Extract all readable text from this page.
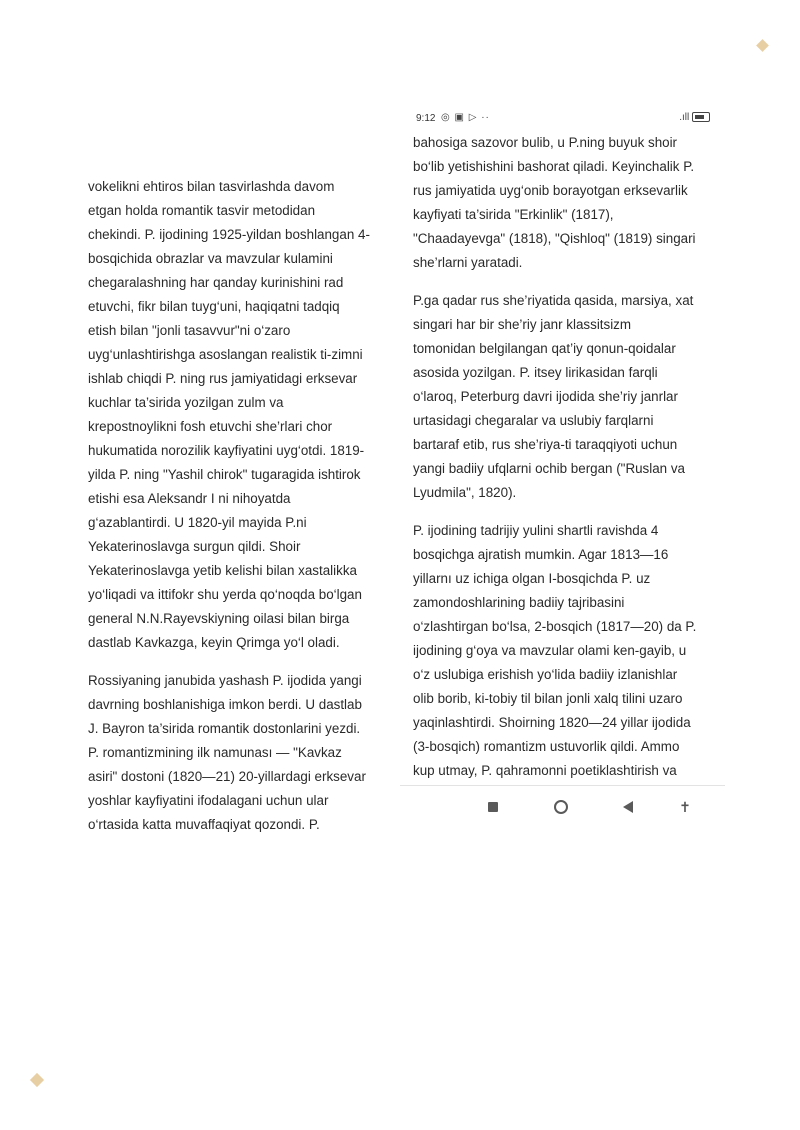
vokelikni ehtiros bilan tasvirlashda davom
etgan holda romantik tasvir metodidan
chekindi. P. ijodining 1925-yildan boshlangan 4-
bosqichida obrazlar va mavzular kulamini
chegaralashning har qanday kurinishini rad
etuvchi, fikr bilan tuyg‘uni, haqiqatni tadqiq
etish bilan "jonli tasavvur"ni o‘zaro
uyg‘unlashtirishga asoslangan realistik ti-zimni
ishlab chiqdi P. ning rus jamiyatidagi erksevar
kuchlar ta’sirida yozilgan zulm va
krepostnoylikni fosh etuvchi she’rlari chor
hukumatida norozilik kayfiyatini uyg‘otdi. 1819-
yilda P. ning "Yashil chirok" tugaragida ishtirok
etishi esa Aleksandr I ni nihoyatda
g‘azablantirdi. U 1820-yil mayida P.ni
Yekaterinoslavga surgun qildi. Shoir
Yekaterinoslavga yetib kelishi bilan xastalikka
yo‘liqadi va ittifokr shu yerda qo‘noqda bo‘lgan
general N.N.Rayevskiyning oilasi bilan birga
dastlab Kavkazga, keyin Qrimga yo‘l oladi.

Rossiyaning janubida yashash P. ijodida yangi
davrning boshlanishiga imkon berdi. U dastlab
J. Bayron ta’sirida romantik dostonlarini yezdi.
P. romantizmining ilk namunası — "Kavkaz
asiri" dostoni (1820—21) 20-yillardagi erksevar
yoshlar kayfiyatini ifodalagani uchun ular
o‘rtasida katta muvaffaqiyat qozondi. P.

9:12 ◎ ▣ ▷ ··	.ıll

bahosiga sazovor bulib, u P.ning buyuk shoir
bo‘lib yetishishini bashorat qiladi. Keyinchalik P.
rus jamiyatida uyg‘onib borayotgan erksevarlik
kayfiyati ta’sirida "Erkinlik" (1817),
"Chaadayevga" (1818), "Qishloq" (1819) singari
she’rlarni yaratadi.

P.ga qadar rus she’riyatida qasida, marsiya, xat
singari har bir she’riy janr klassitsizm
tomonidan belgilangan qat’iy qonun-qoidalar
asosida yozilgan. P. itsey lirikasidan farqli
o‘laroq, Peterburg davri ijodida she’riy janrlar
urtasidagi chegaralar va uslubiy farqlarni
bartaraf etib, rus she’riya-ti taraqqiyoti uchun
yangi badiiy ufqlarni ochib bergan ("Ruslan va
Lyudmila", 1820).

P. ijodining tadrijiy yulini shartli ravishda 4
bosqichga ajratish mumkin. Agar 1813—16
yillarnı uz ichiga olgan I-bosqichda P. uz
zamondoshlarining badiiy tajribasini
o‘zlashtirgan bo‘lsa, 2-bosqich (1817—20) da P.
ijodining g‘oya va mavzular olami ken-gayib, u
o‘z uslubiga erishish yo‘lida badiiy izlanishlar
olib borib, ki-tobiy til bilan jonli xalq tilini uzaro
yaqinlashtirdi. Shoirning 1820—24 yillar ijodida
(3-bosqich) romantizm ustuvorlik qildi. Ammo
kup utmay, P. qahramonni poetiklashtirish va

✝
